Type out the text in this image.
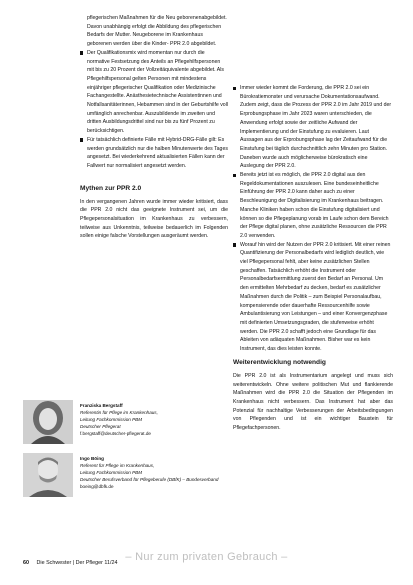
pflegerischen Maßnahmen für die Neu geborenenabgebildet. Davon unabhängig erfolgt die Abbildung des pflegerischen Bedarfs der Mutter. Neugeborene im Krankenhaus geborenen werden über die Kinder- PPR 2.0 abgebildet.
Der Qualifikationsmix wird momentan nur durch die normative Festsetzung des Anteils an Pflegehilfspersonen mit bis zu 20 Prozent der Vollzeitäquivalente abgebildet. Als Pflegehilfspersonal gelten Personen mit mindestens einjähriger pflegerischer Qualifikation oder Medizinische Fachangestellte. Anästhesietechnische Assistentinnen und Notfallsanitäterinnen, Hebammen sind in der Geburtshilfe voll umfänglich anrechenbar. Auszubildende im zweiten und dritten Ausbildungsdrittel sind nur bis zu fünf Prozent zu berücksichtigen.
Für tatsächlich definierte Fälle mit Hybrid-DRG-Fälle gilt: Es werden grundsätzlich nur die halben Minutenwerte des Tages angesetzt. Bei wiederkehrend aktualisierten Fällen kann der Fallwert nur normalisiert angesetzt werden.
Mythen zur PPR 2.0

In den vergangenen Jahren wurde immer wieder kritisiert, dass die PPR 2.0 nicht das geeignete Instrument sei, um die Pflegepersonalsituation im Krankenhaus zu verbessern, teilweise aus Unkenntnis, teilweise bedauerlich im Folgenden sollen einige falsche Vorstellungen ausgeräumt werden.

Franziska Bergstaff
Referentin für Pflege im Krankenhaus,
Leitung Fachkommission PBM
Deutscher Pflegerat
f.bergstaff@deutscher-pflegerat.de
Ingo Böing
Referent für Pflege im Krankenhaus,
Leitung Fachkommission PBM
Deutscher Berufsverband für Pflegeberufe (DBfK) – Bundesverband
boeing@dbfk.de
Immer wieder kommt die Forderung, die PPR 2.0 sei ein Bürokratiemonster und verursache Dokumentationsaufwand. Zudem zeigt, dass die Prozess der PPR 2.0 im Jahr 2019 und der Erprobungsphase im Jahr 2023 waren unterschieden, die Anwendung erfolgt sowie der zeitliche Aufwand der Implementierung und der Einstufung zu evaluieren. Laut Aussagen aus der Erprobungsphase lag der Zeitaufwand für die Einstufung bei täglich durchschnittlich zehn Minuten pro Station. Daneben wurde auch möglicherweise bürokratisch eine Auslegung der PPR 2.0.
Bereits jetzt ist es möglich, die PPR 2.0 digital aus den Regeldokumentationen auszulesen. Eine bundeseinheitliche Einführung der PPR 2.0 kann daher auch zu einer Beschleunigung der Digitalisierung im Krankenhaus beitragen. Manche Kliniken haben schon die Einstufung digitalisiert und können so die Pflegeplanung vorab im Laufe schon dem Bereich der Pflege digital planen, ohne zusätzliche Ressourcen die PPR 2.0 verwenden.
Worauf hin wird der Nutzen der PPR 2.0 kritisiert. Mit einer reinen Quantifizierung der Personalbedarfs wird lediglich deutlich, wie viel Pflegepersonal fehlt, aber keine zusätzlichen Stellen geschaffen. Tatsächlich erhöht die Instrument oder Personalbedarfsermittlung zuerst den Bedarf an Personal. Um den ermittelten Mehrbedarf zu decken, bedarf es zusätzlicher Maßnahmen durch die Politik – zum Beispiel Personalaufbau, kompensierende oder dauerhafte Ressourcenhilfe sowie Ambulantisierung von Leistungen – und einer Konvergenzphase mit definierten Umsetzungsgraden, die stufenweise erhöht werden. Die PPR 2.0 schafft jedoch eine Grundlage für das Ableiten von adäquaten Maßnahmen. Bisher war es kein Instrument, das dies leisten konnte.
Weiterentwicklung notwendig

Die PPR 2.0 ist als Instrumentarium angelegt und muss sich weiterentwickeln. Ohne weitere politischen Mut und flankierende Maßnahmen wird die PPR 2.0 die Situation der Pflegenden im Krankenhaus nicht verbessern. Das Instrument hat aber das Potenzial für nachhaltige Verbesserungen der Arbeitsbedingungen von Pflegenden und ist ein wichtiger Baustein für Pflegefachpersonen.

– Nur zum privaten Gebrauch –
60 Die Schwester | Der Pfleger 11/24
